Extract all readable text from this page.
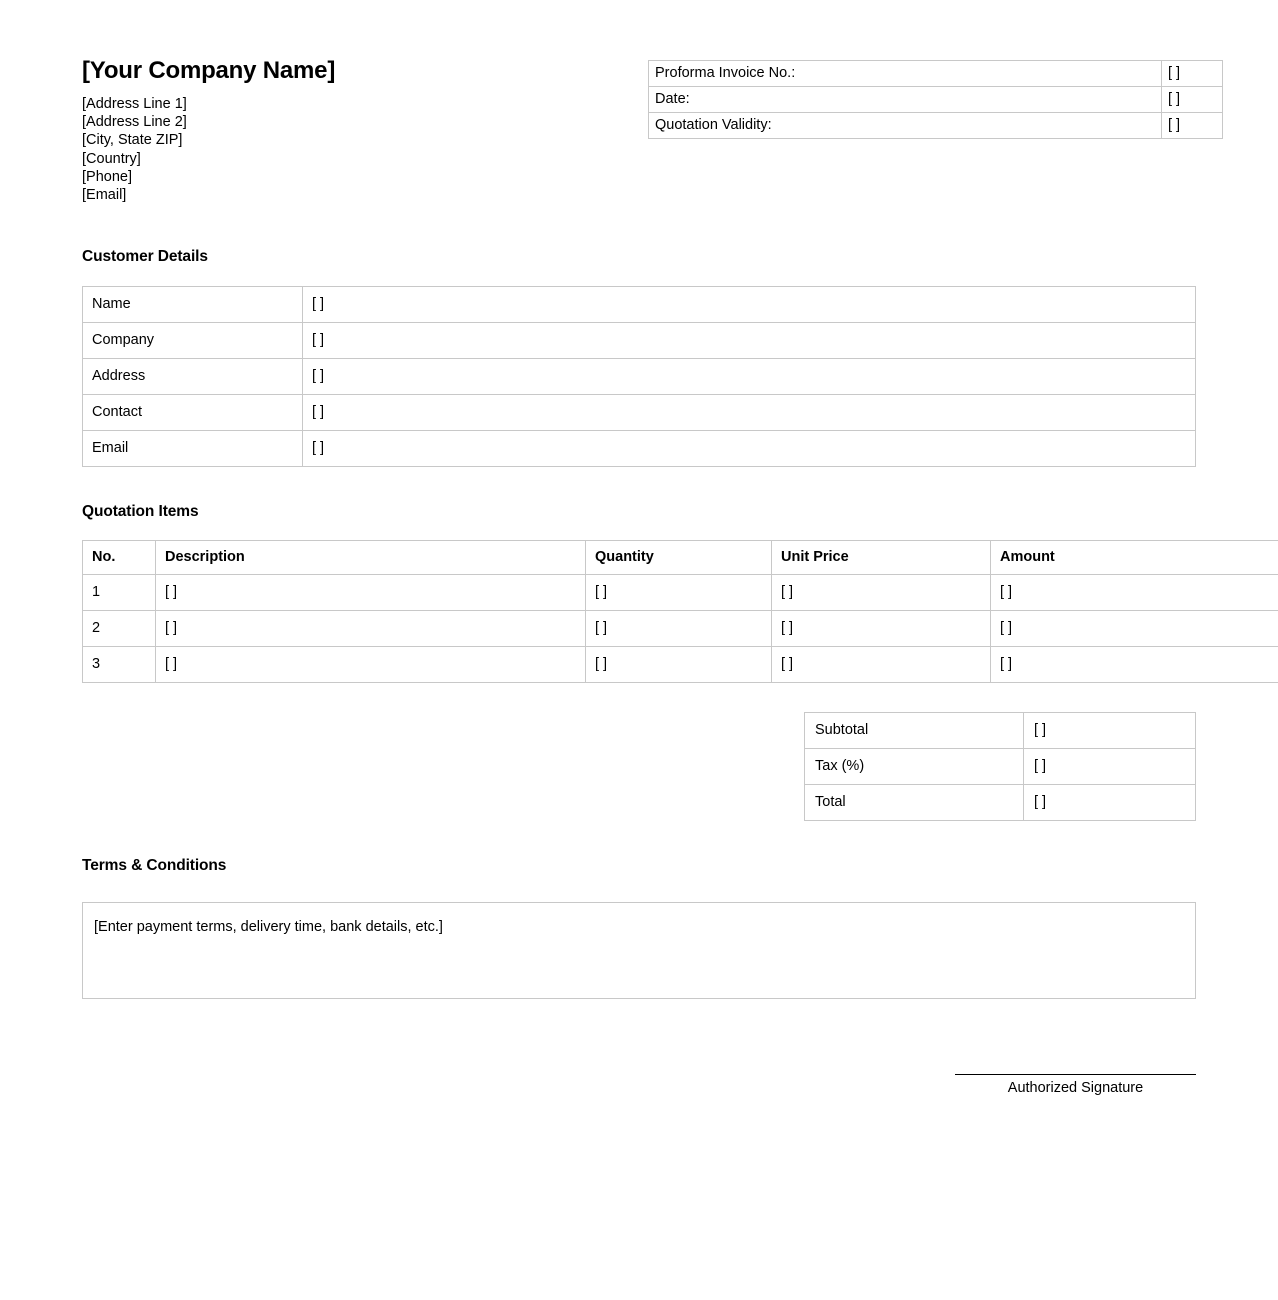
[Your Company Name]
[Address Line 1]
[Address Line 2]
[City, State ZIP]
[Country]
[Phone]
[Email]
Proforma Invoice No.:	[ ]
Date:	[ ]
Quotation Validity:	[ ]
Customer Details
Name	[ ]
Company	[ ]
Address	[ ]
Contact	[ ]
Email	[ ]
Quotation Items
No.	Description	Quantity	Unit Price	Amount
1	[ ]	[ ]	[ ]	[ ]
2	[ ]	[ ]	[ ]	[ ]
3	[ ]	[ ]	[ ]	[ ]
Subtotal	[ ]
Tax (%)	[ ]
Total	[ ]
Terms & Conditions
[Enter payment terms, delivery time, bank details, etc.]
Authorized Signature
